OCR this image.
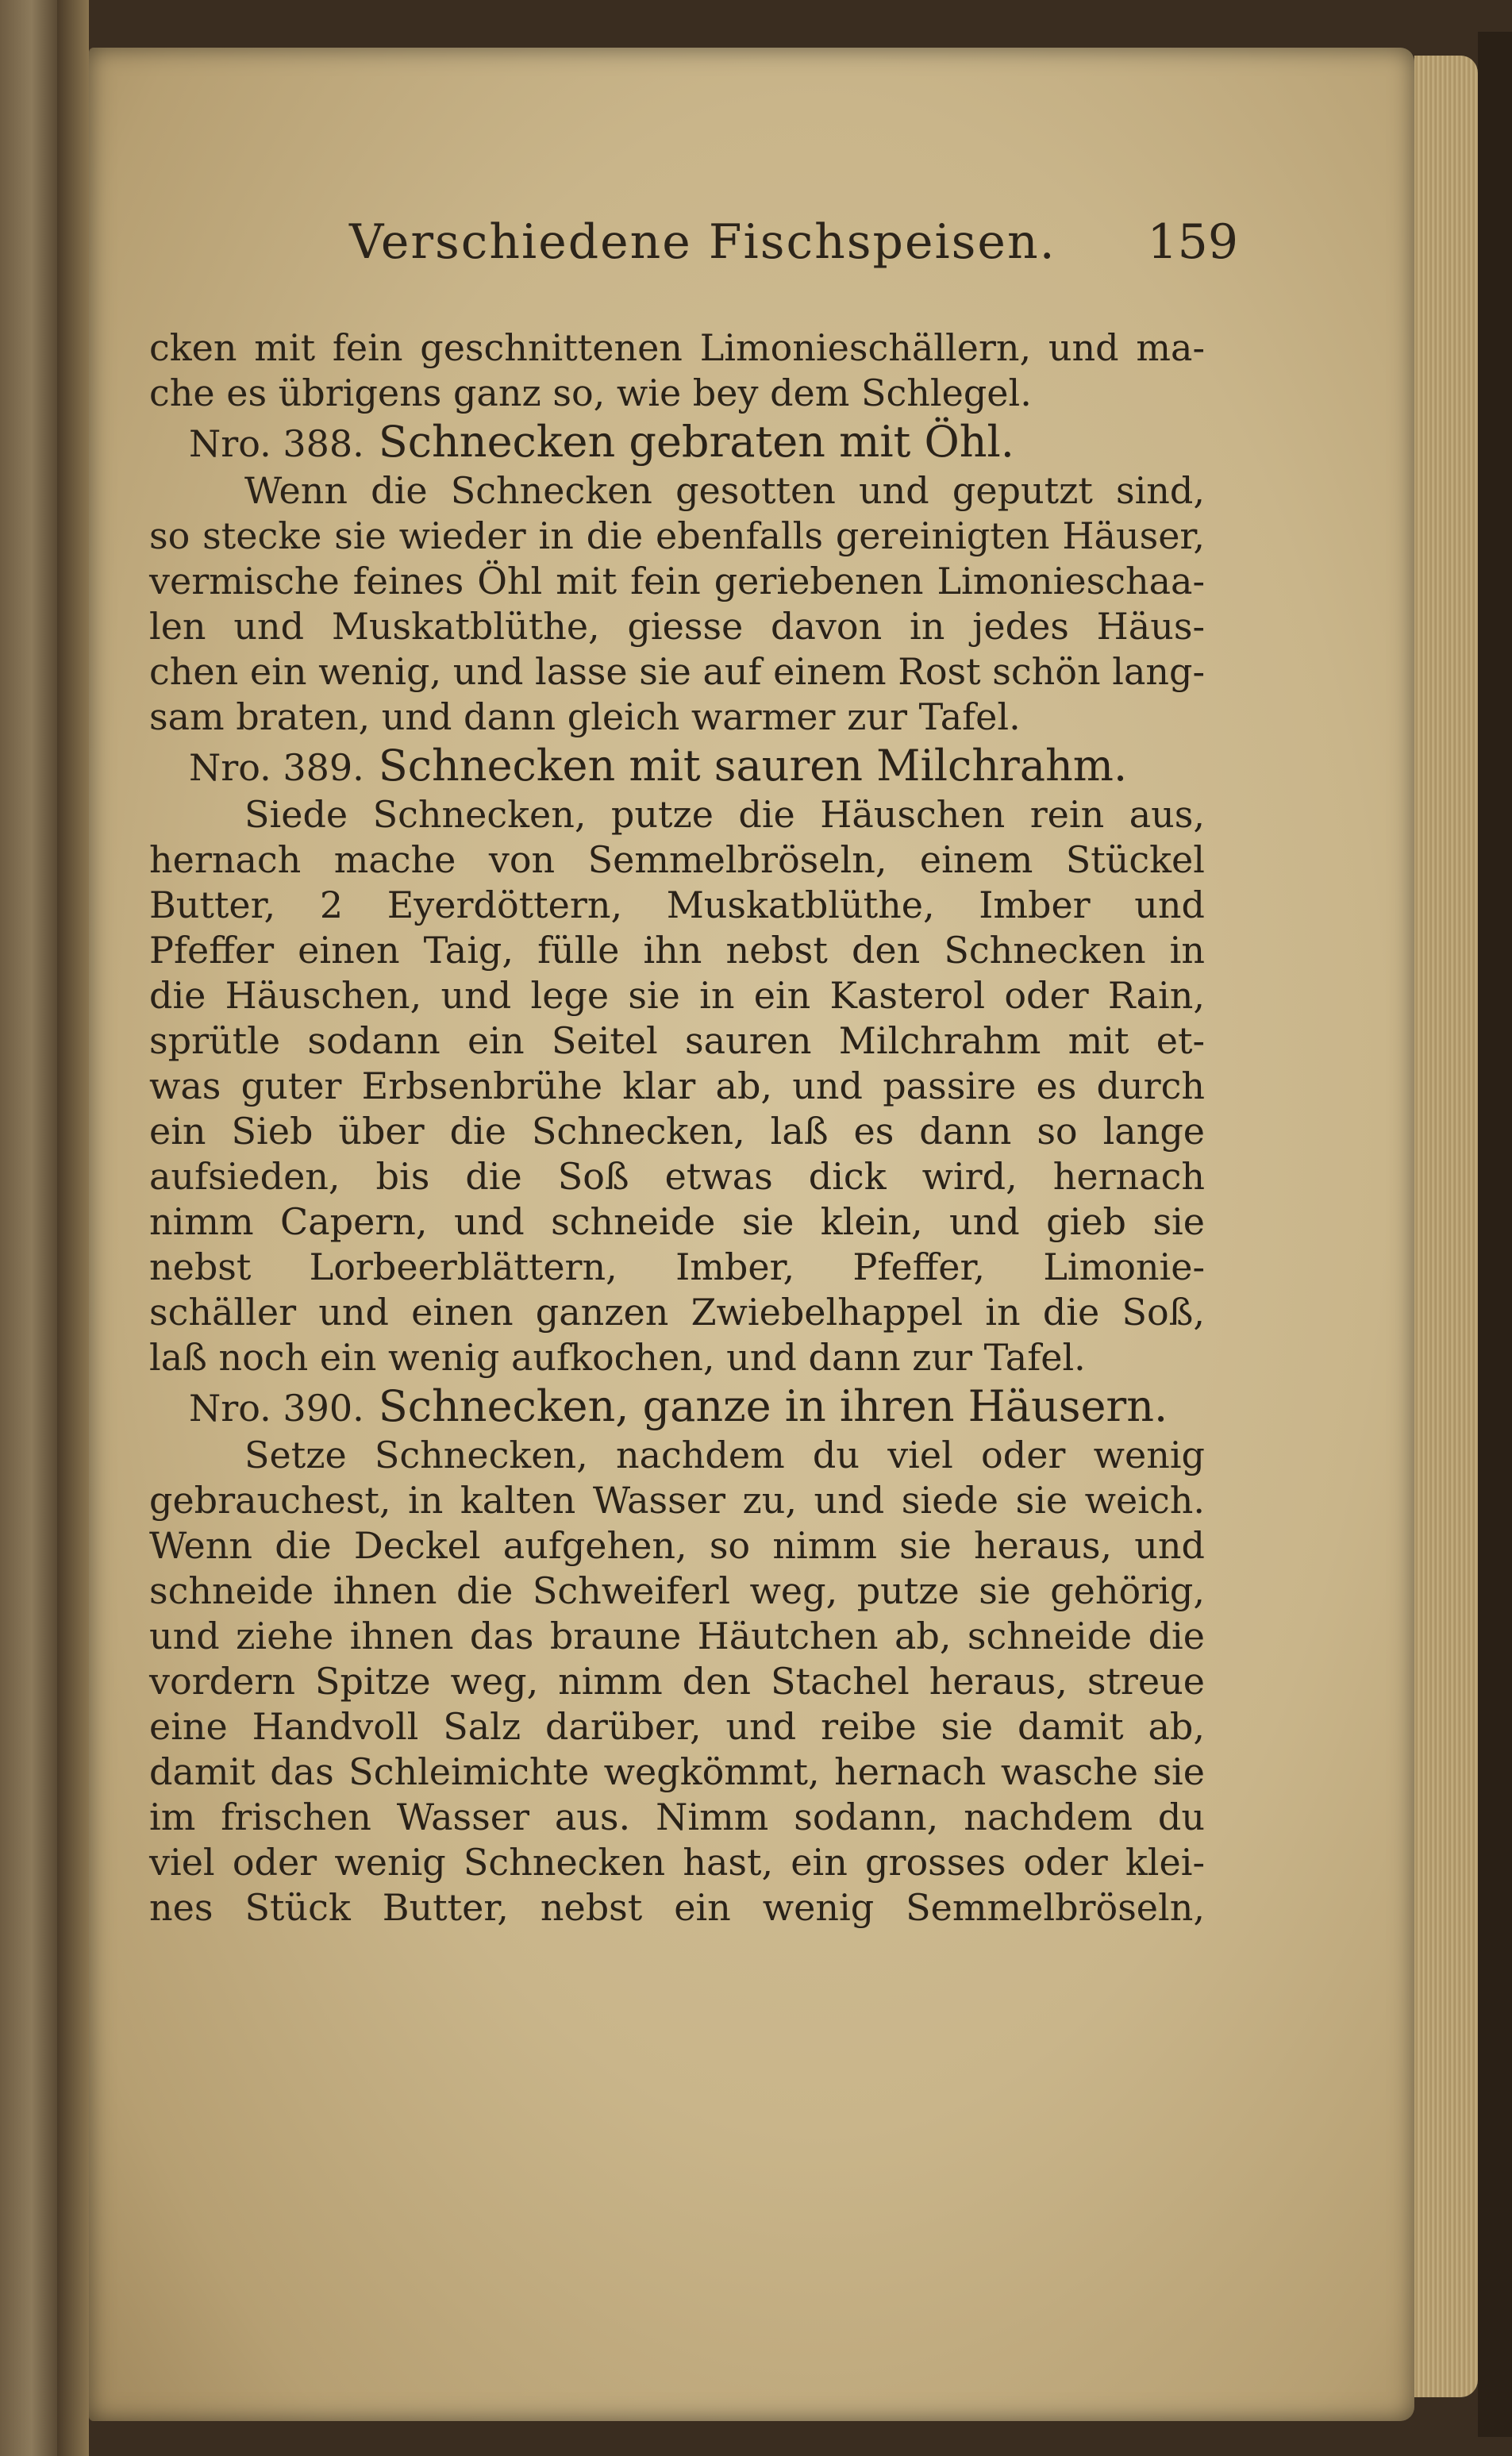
Verschiedene Fischspeisen. 159
cken mit fein geschnittenen Limonieschällern, und ma-
che es übrigens ganz so, wie bey dem Schlegel.
Nro. 388. Schnecken gebraten mit Öhl.
Wenn die Schnecken gesotten und geputzt sind,
so stecke sie wieder in die ebenfalls gereinigten Häuser,
vermische feines Öhl mit fein geriebenen Limonieschaa-
len und Muskatblüthe, giesse davon in jedes Häus-
chen ein wenig, und lasse sie auf einem Rost schön lang-
sam braten, und dann gleich warmer zur Tafel.
Nro. 389. Schnecken mit sauren Milchrahm.
Siede Schnecken, putze die Häuschen rein aus,
hernach mache von Semmelbröseln, einem Stückel
Butter, 2 Eyerdöttern, Muskatblüthe, Imber und
Pfeffer einen Taig, fülle ihn nebst den Schnecken in
die Häuschen, und lege sie in ein Kasterol oder Rain,
sprütle sodann ein Seitel sauren Milchrahm mit et-
was guter Erbsenbrühe klar ab, und passire es durch
ein Sieb über die Schnecken, laß es dann so lange
aufsieden, bis die Soß etwas dick wird, hernach
nimm Capern, und schneide sie klein, und gieb sie
nebst Lorbeerblättern, Imber, Pfeffer, Limonie-
schäller und einen ganzen Zwiebelhappel in die Soß,
laß noch ein wenig aufkochen, und dann zur Tafel.
Nro. 390. Schnecken, ganze in ihren Häusern.
Setze Schnecken, nachdem du viel oder wenig
gebrauchest, in kalten Wasser zu, und siede sie weich.
Wenn die Deckel aufgehen, so nimm sie heraus, und
schneide ihnen die Schweiferl weg, putze sie gehörig,
und ziehe ihnen das braune Häutchen ab, schneide die
vordern Spitze weg, nimm den Stachel heraus, streue
eine Handvoll Salz darüber, und reibe sie damit ab,
damit das Schleimichte wegkömmt, hernach wasche sie
im frischen Wasser aus. Nimm sodann, nachdem du
viel oder wenig Schnecken hast, ein grosses oder klei-
nes Stück Butter, nebst ein wenig Semmelbröseln,
